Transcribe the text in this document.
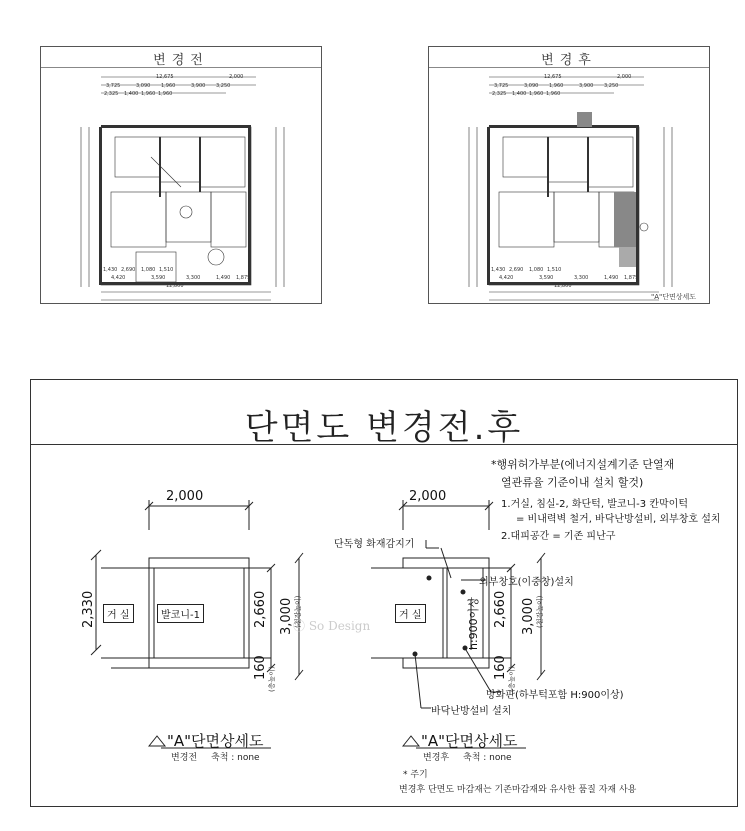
변경전
12,675	2,000
3,725	3,090 1,960	3,900 3,250
2,325 1,400 1,960 1,960
1,430 2,690 1,080 1,510
4,420	3,590	3,300	1,490 1,875
12,800
변경후
12,675	2,000
3,725	3,090 1,960	3,900 3,250
2,325 1,400 1,960 1,960
1,430 2,690 1,080 1,510
4,420	3,590	3,300	1,490 1,875
12,800
"A"단면상세도
단면도 변경전.후
*행위허가부분(에너지설계기준 단열재
열관류율 기준이내 설치 할것)
1.거실, 침실-2, 화단턱, 발코니-3 칸막이턱
= 비내력벽 철거, 바닥난방설비, 외부창호 설치
2.대피공간 = 기존 피난구
2,000
2,330	거 실	발코니-1	2,660 3,000 (천장높이)
160 (층높이)
"A"단면상세도
변경전 축척 : none
2,000
단독형 화재감지기
외부창호(이중창)설치
거 실	h:900이상 2,660 3,000 (천장높이)
160 (층높이)
방화판(하부턱포함 H:900이상)
바닥난방설비 설치
"A"단면상세도
변경후 축척 : none
* 주기
변경후 단면도 마감재는 기존마감재와 유사한 품질 자재 사용
ⓒ So Design
